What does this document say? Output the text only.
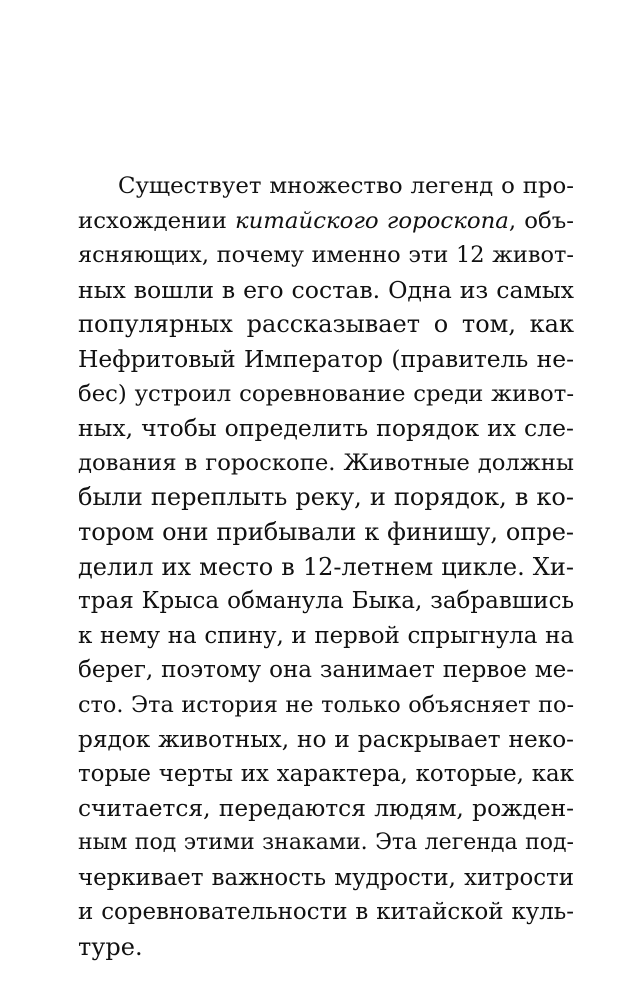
Существует множество легенд о про-
исхождении китайского гороскопа, объ-
ясняющих, почему именно эти 12 живот-
ных вошли в его состав. Одна из самых
популярных рассказывает о том, как
Нефритовый Император (правитель не-
бес) устроил соревнование среди живот-
ных, чтобы определить порядок их сле-
дования в гороскопе. Животные должны
были переплыть реку, и порядок, в ко-
тором они прибывали к финишу, опре-
делил их место в 12-летнем цикле. Хи-
трая Крыса обманула Быка, забравшись
к нему на спину, и первой спрыгнула на
берег, поэтому она занимает первое ме-
сто. Эта история не только объясняет по-
рядок животных, но и раскрывает неко-
торые черты их характера, которые, как
считается, передаются людям, рожден-
ным под этими знаками. Эта легенда под-
черкивает важность мудрости, хитрости
и соревновательности в китайской куль-
туре.
